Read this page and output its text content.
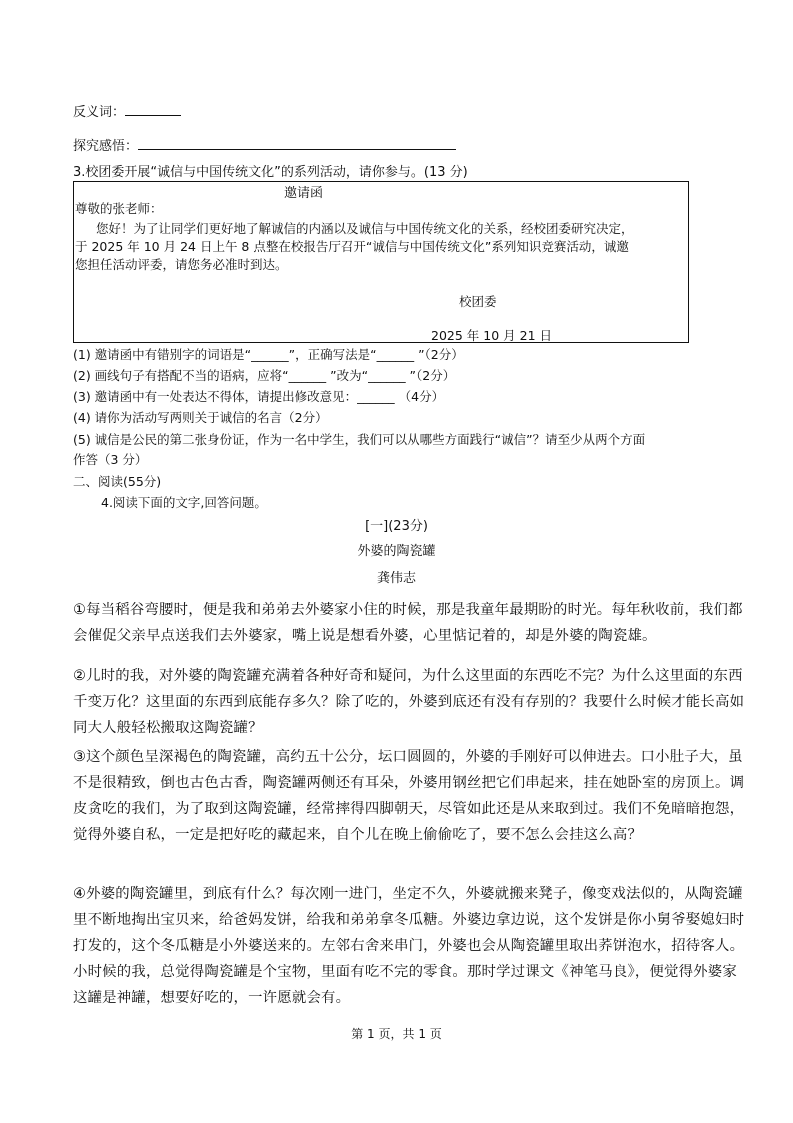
反义词：
探究感悟：
3.校团委开展“诚信与中国传统文化”的系列活动，请你参与。(13 分)
邀请函
尊敬的张老师：
您好！为了让同学们更好地了解诚信的内涵以及诚信与中国传统文化的关系，经校团委研究决定，
于 2025 年 10 月 24 日上午 8 点整在校报告厅召开“诚信与中国传统文化”系列知识竞赛活动，诚邀
您担任活动评委，请您务必准时到达。
校团委
2025 年 10 月 21 日
(1) 邀请函中有错别字的词语是“______”，正确写法是“______ ”（2分）
(2) 画线句子有搭配不当的语病，应将“______ ”改为“______ ”（2分）
(3) 邀请函中有一处表达不得体，请提出修改意见：______ （4分）
(4) 请你为活动写两则关于诚信的名言（2分）
(5) 诚信是公民的第二张身份证，作为一名中学生，我们可以从哪些方面践行“诚信”？请至少从两个方面
作答（3 分）
二、阅读(55分)
4.阅读下面的文字,回答问题。
[一](23分)
外婆的陶瓷罐
龚伟志
①每当稻谷弯腰时，便是我和弟弟去外婆家小住的时候，那是我童年最期盼的时光。每年秋收前，我们都
会催促父亲早点送我们去外婆家，嘴上说是想看外婆，心里惦记着的，却是外婆的陶瓷雄。
②儿时的我，对外婆的陶瓷罐充满着各种好奇和疑问，为什么这里面的东西吃不完？为什么这里面的东西
千变万化？这里面的东西到底能存多久？除了吃的，外婆到底还有没有存别的？我要什么时候才能长高如
同大人般轻松搬取这陶瓷罐？
③这个颜色呈深褐色的陶瓷罐，高约五十公分，坛口圆圆的，外婆的手刚好可以伸进去。口小肚子大，虽
不是很精致，倒也古色古香，陶瓷罐两侧还有耳朵，外婆用钢丝把它们串起来，挂在她卧室的房顶上。调
皮贪吃的我们，为了取到这陶瓷罐，经常摔得四脚朝天，尽管如此还是从来取到过。我们不免暗暗抱怨，
觉得外婆自私，一定是把好吃的藏起来，自个儿在晚上偷偷吃了，要不怎么会挂这么高？
④外婆的陶瓷罐里，到底有什么？每次刚一进门，坐定不久，外婆就搬来凳子，像变戏法似的，从陶瓷罐
里不断地掏出宝贝来，给爸妈发饼，给我和弟弟拿冬瓜糖。外婆边拿边说，这个发饼是你小舅爷娶媳妇时
打发的，这个冬瓜糖是小外婆送来的。左邻右舍来串门，外婆也会从陶瓷罐里取出荞饼泡水，招待客人。
小时候的我，总觉得陶瓷罐是个宝物，里面有吃不完的零食。那时学过课文《神笔马良》，便觉得外婆家
这罐是神罐，想要好吃的，一许愿就会有。
第 1 页，共 1 页
